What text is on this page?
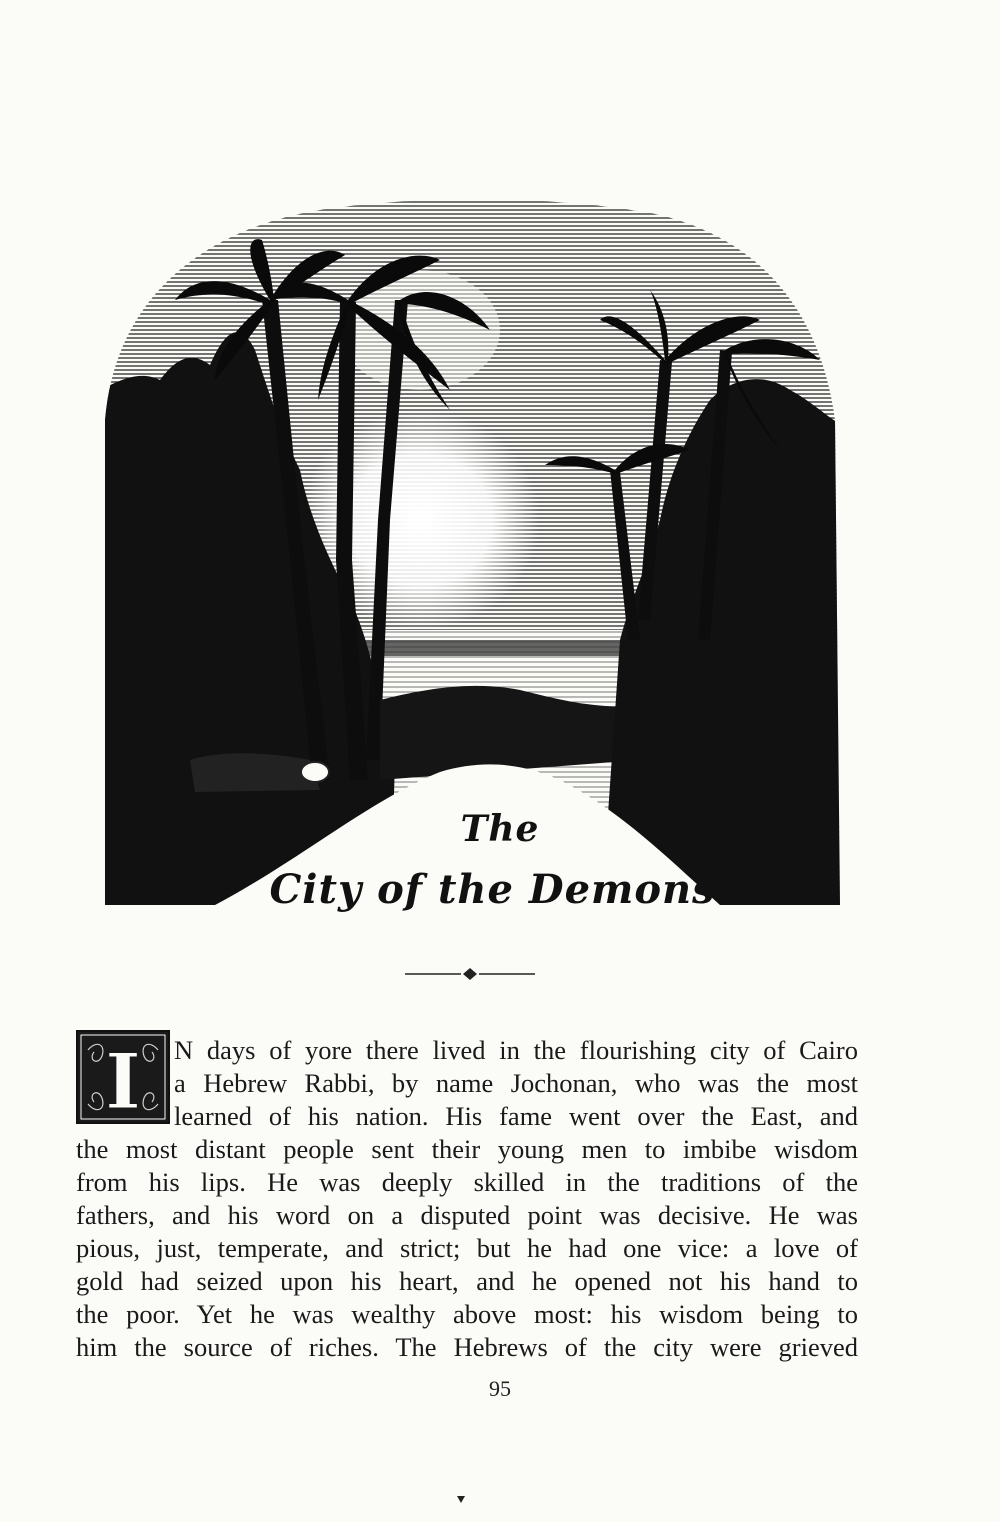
The
City of the Demons.
I N days of yore there lived in the flourishing city of Cairo
a Hebrew Rabbi, by name Jochonan, who was the most
learned of his nation. His fame went over the East, and
the most distant people sent their young men to imbibe wisdom
from his lips. He was deeply skilled in the traditions of the
fathers, and his word on a disputed point was decisive. He was
pious, just, temperate, and strict; but he had one vice: a love of
gold had seized upon his heart, and he opened not his hand to
the poor. Yet he was wealthy above most: his wisdom being to
him the source of riches. The Hebrews of the city were grieved
95
